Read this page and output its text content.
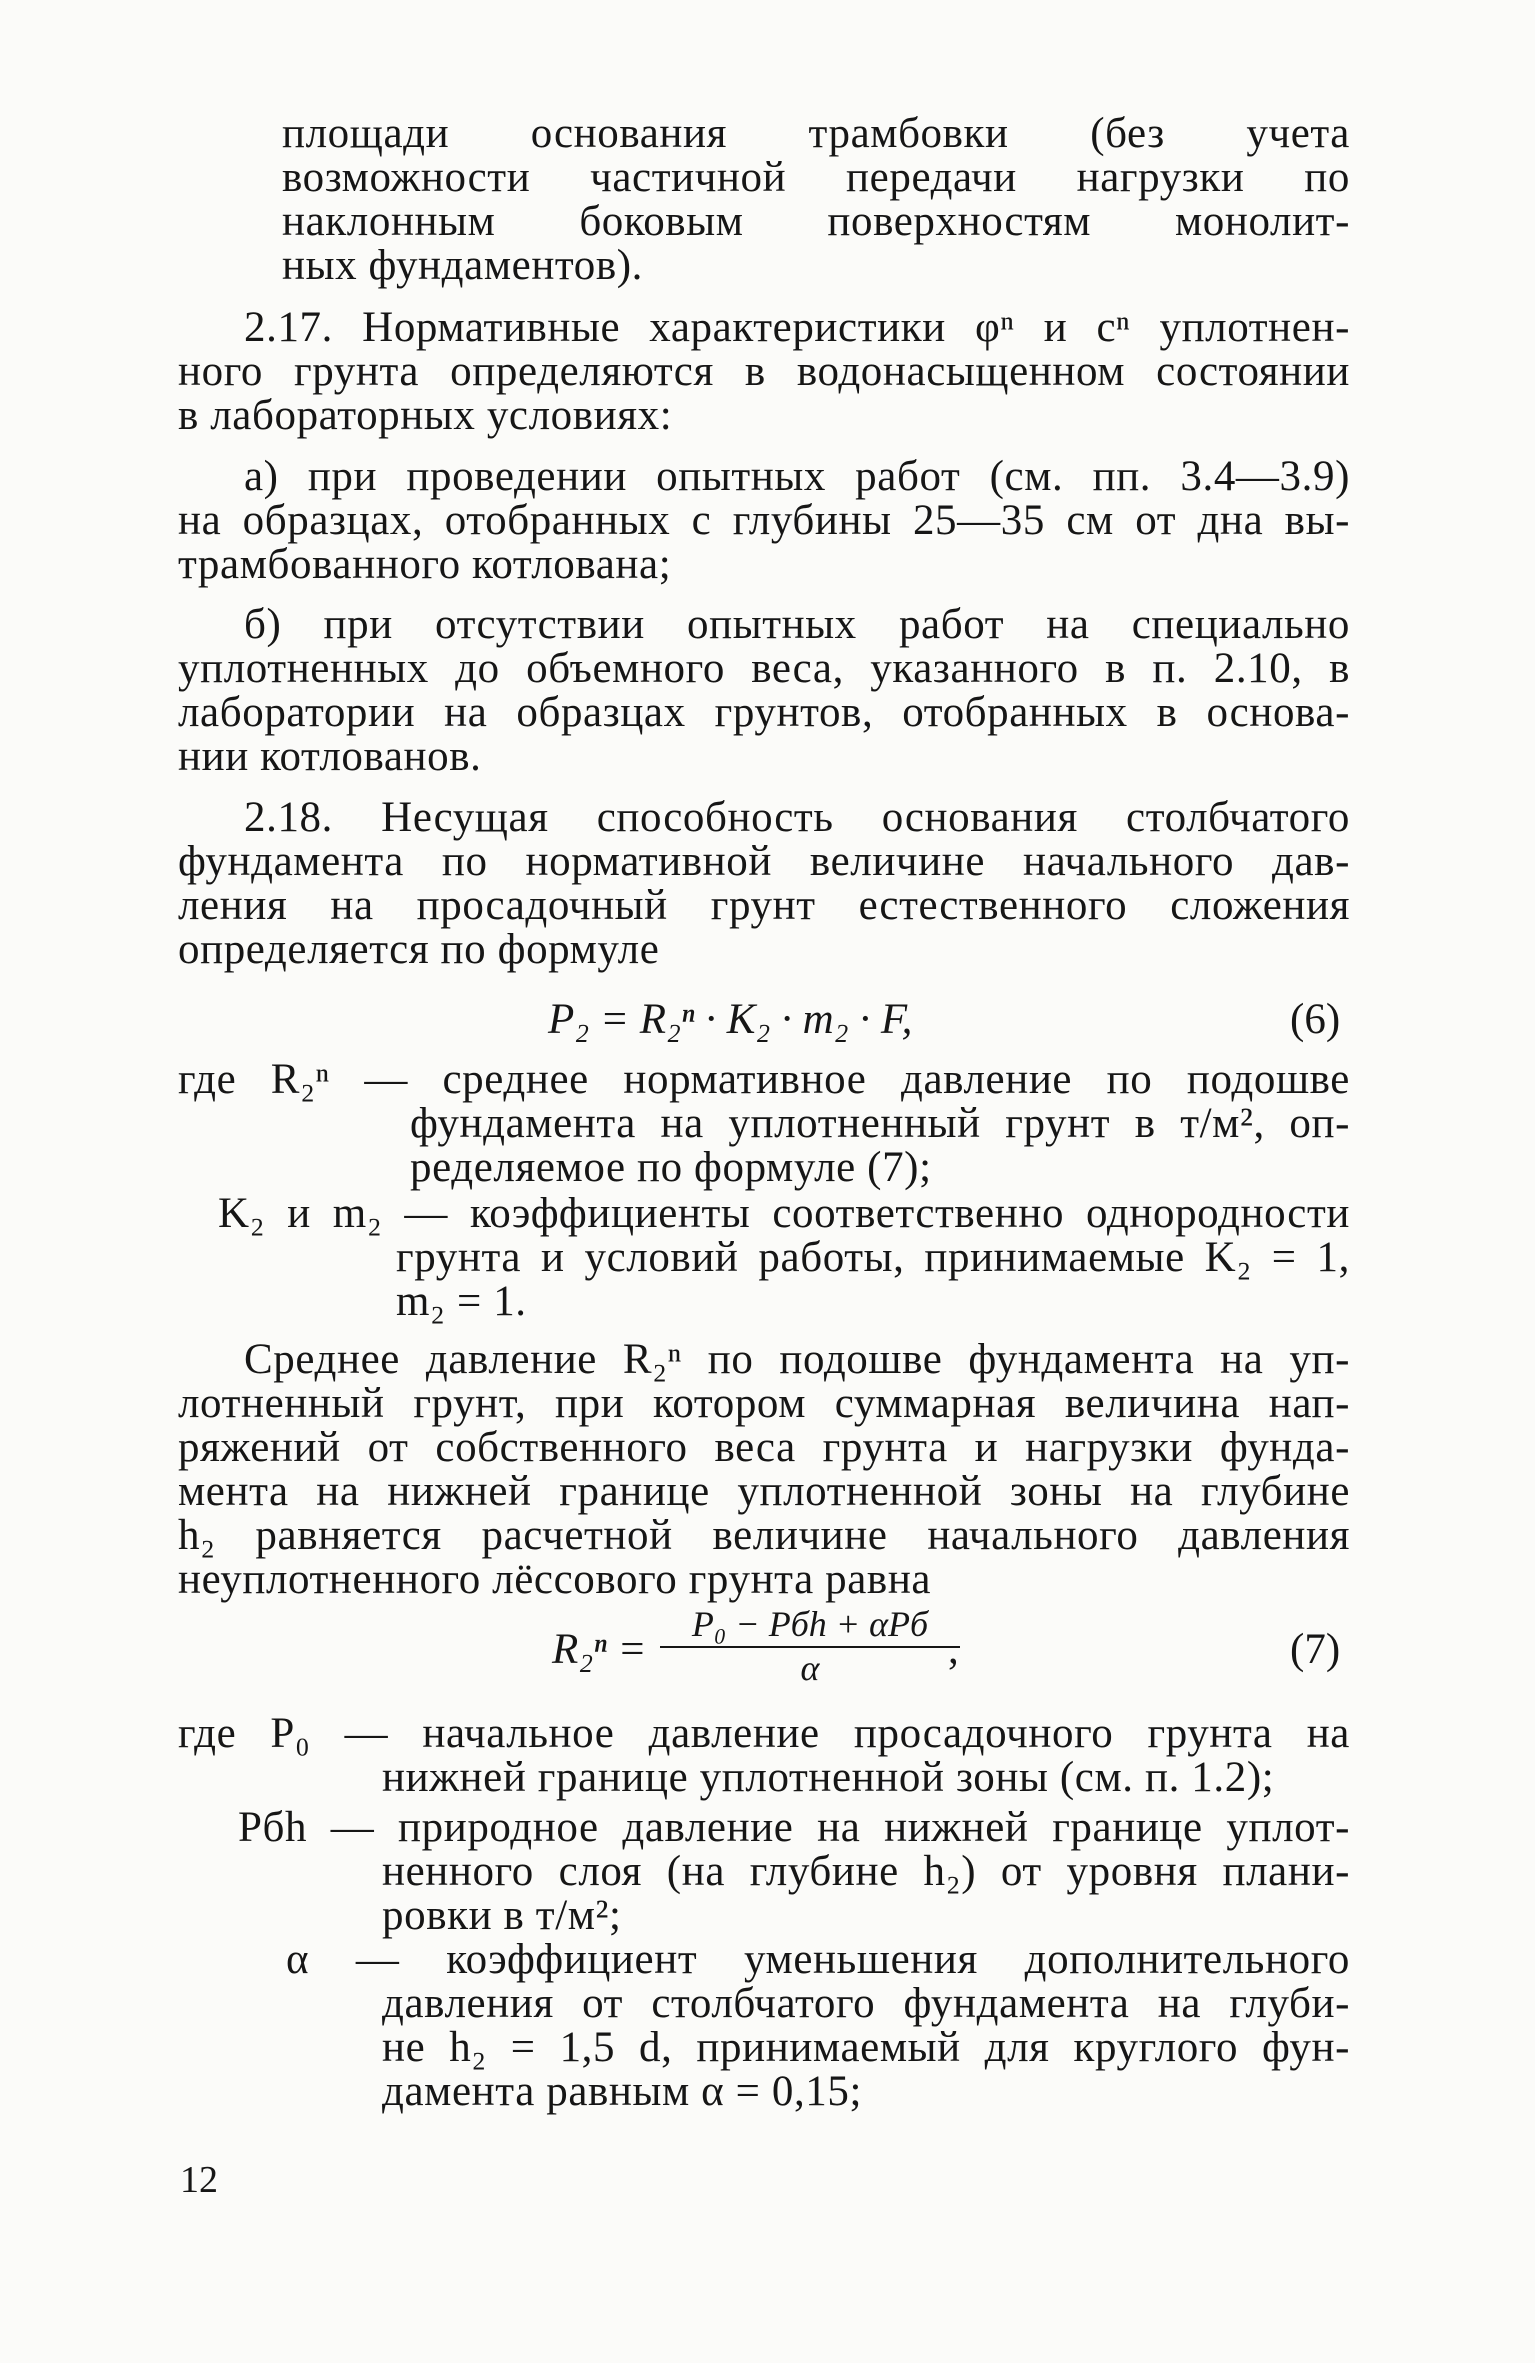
площади основания трамбовки (без учета
возможности частичной передачи нагрузки по
наклонным боковым поверхностям монолит-
ных фундаментов).
2.17. Нормативные характеристики φⁿ и cⁿ уплотнен-
ного грунта определяются в водонасыщенном состоянии
в лабораторных условиях:
а) при проведении опытных работ (см. пп. 3.4—3.9)
на образцах, отобранных с глубины 25—35 см от дна вы-
трамбованного котлована;
б) при отсутствии опытных работ на специально
уплотненных до объемного веса, указанного в п. 2.10, в
лаборатории на образцах грунтов, отобранных в основа-
нии котлованов.
2.18. Несущая способность основания столбчатого
фундамента по нормативной величине начального дав-
ления на просадочный грунт естественного сложения
определяется по формуле
P₂ = R₂ⁿ · K₂ · m₂ · F,	(6)
где R₂ⁿ — среднее нормативное давление по подошве
фундамента на уплотненный грунт в т/м², оп-
ределяемое по формуле (7);
K₂ и m₂ — коэффициенты соответственно однородности
грунта и условий работы, принимаемые K₂ = 1,
m₂ = 1.
Среднее давление R₂ⁿ по подошве фундамента на уп-
лотненный грунт, при котором суммарная величина нап-
ряжений от собственного веса грунта и нагрузки фунда-
мента на нижней границе уплотненной зоны на глубине
h₂ равняется расчетной величине начального давления
неуплотненного лёссового грунта равна
R₂ⁿ =
P₀ − Pбh + αPб
α	,	(7)
где P₀ — начальное давление просадочного грунта на
нижней границе уплотненной зоны (см. п. 1.2);
Pбh — природное давление на нижней границе уплот-
ненного слоя (на глубине h₂) от уровня плани-
ровки в т/м²;
α — коэффициент уменьшения дополнительного
давления от столбчатого фундамента на глуби-
не h₂ = 1,5 d, принимаемый для круглого фун-
дамента равным α = 0,15;
12
